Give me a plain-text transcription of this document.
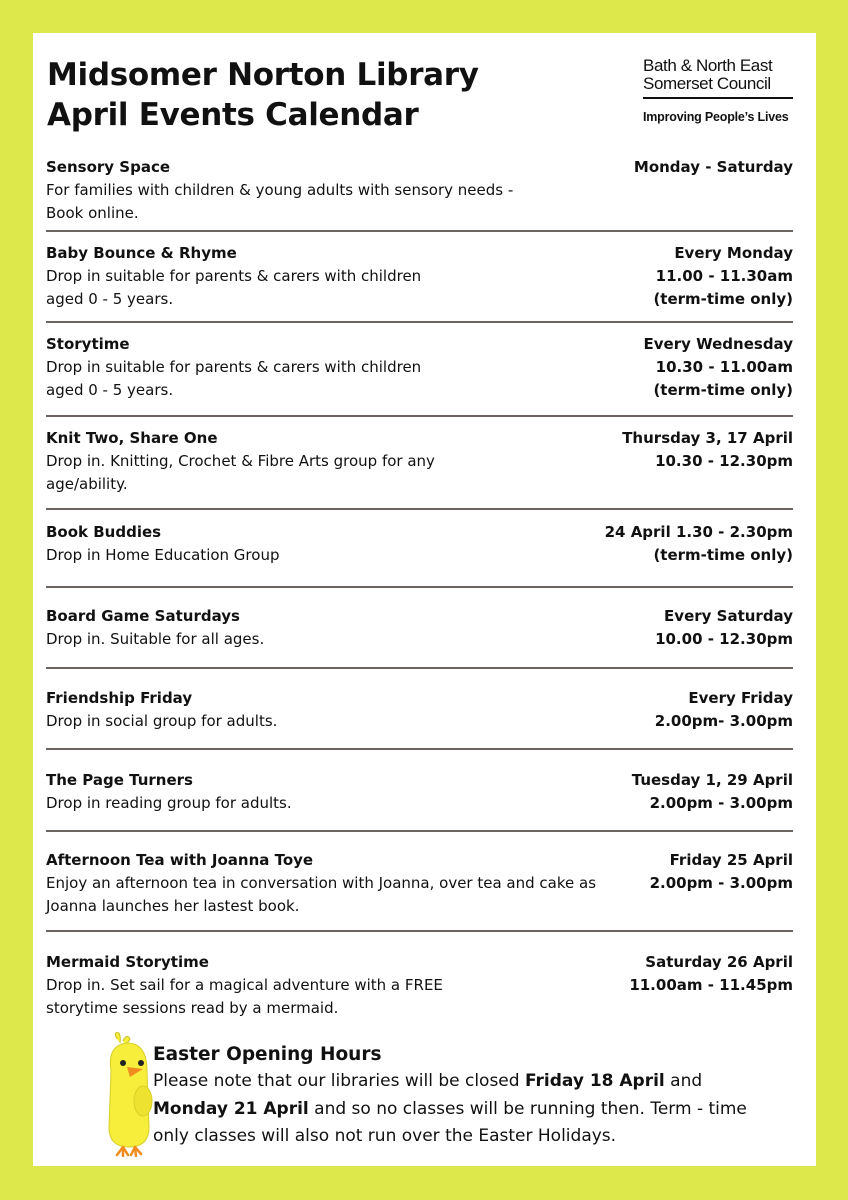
Midsomer Norton Library
April Events Calendar
Bath & North East
Somerset Council
Improving People’s Lives
Sensory Space
For families with children & young adults with sensory needs -
Book online.
Monday - Saturday
Baby Bounce & Rhyme
Drop in suitable for parents & carers with children
aged 0 - 5 years.
Every Monday
11.00 - 11.30am
(term-time only)
Storytime
Drop in suitable for parents & carers with children
aged 0 - 5 years.
Every Wednesday
10.30 - 11.00am
(term-time only)
Knit Two, Share One
Drop in. Knitting, Crochet & Fibre Arts group for any
age/ability.
Thursday 3, 17 April
10.30 - 12.30pm
Book Buddies
Drop in Home Education Group
24 April 1.30 - 2.30pm
(term-time only)
Board Game Saturdays
Drop in. Suitable for all ages.
Every Saturday
10.00 - 12.30pm
Friendship Friday
Drop in social group for adults.
Every Friday
2.00pm- 3.00pm
The Page Turners
Drop in reading group for adults.
Tuesday 1, 29 April
2.00pm - 3.00pm
Afternoon Tea with Joanna Toye
Enjoy an afternoon tea in conversation with Joanna, over tea and cake as
Joanna launches her lastest book.
Friday 25 April
2.00pm - 3.00pm
Mermaid Storytime
Drop in. Set sail for a magical adventure with a FREE
storytime sessions read by a mermaid.
Saturday 26 April
11.00am - 11.45pm
Easter Opening Hours
Please note that our libraries will be closed Friday 18 April and
Monday 21 April and so no classes will be running then. Term - time only classes will also not run over the Easter Holidays.
